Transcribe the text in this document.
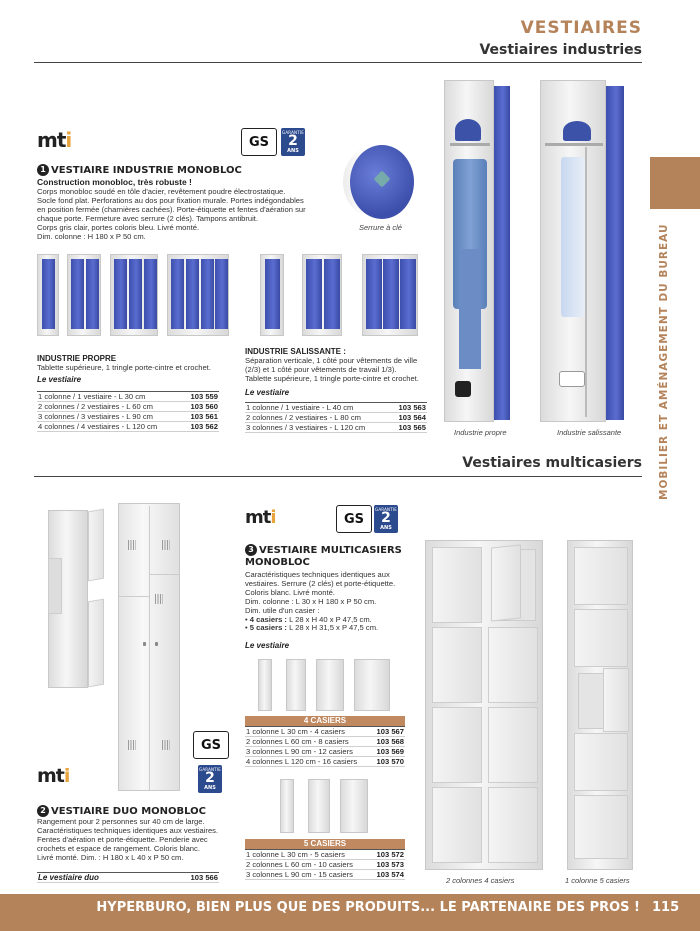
VESTIAIRES
Vestiaires industries
MOBILIER ET AMÉNAGEMENT DU BUREAU
mti	GS
GARANTIE
2
ANS
Serrure à clé
1 VESTIAIRE INDUSTRIE MONOBLOC
Construction monobloc, très robuste !
Corps monobloc soudé en tôle d'acier, revêtement poudre électrostatique.
Socle fond plat. Perforations au dos pour fixation murale. Portes indégondables
en position fermée (charnières cachées). Porte-étiquette et fentes d'aération sur
chaque porte. Fermeture avec serrure (2 clés). Tampons antibruit.
Corps gris clair, portes coloris bleu. Livré monté.
Dim. colonne : H 180 x P 50 cm.
INDUSTRIE PROPRE
Tablette supérieure, 1 tringle porte-cintre et crochet.
Le vestiaire
1 colonne / 1 vestiaire - L 30 cm	103 559
2 colonnes / 2 vestiaires - L 60 cm	103 560
3 colonnes / 3 vestiaires - L 90 cm	103 561
4 colonnes / 4 vestiaires - L 120 cm	103 562
INDUSTRIE SALISSANTE :
Séparation verticale, 1 côté pour vêtements de ville
(2/3) et 1 côté pour vêtements de travail 1/3).
Tablette supérieure, 1 tringle porte-cintre et crochet.
Le vestiaire
1 colonne / 1 vestiaire - L 40 cm	103 563
2 colonnes / 2 vestiaires - L 80 cm	103 564
3 colonnes / 3 vestiaires - L 120 cm	103 565
Industrie propre	Industrie salissante
Vestiaires multicasiers
mti
GS
GARANTIE
2
ANS
2 VESTIAIRE DUO MONOBLOC
Rangement pour 2 personnes sur 40 cm de large.
Caractéristiques techniques identiques aux vestiaires.
Fentes d'aération et porte-étiquette. Penderie avec
crochets et espace de rangement. Coloris blanc.
Livré monté. Dim. : H 180 x L 40 x P 50 cm.
Le vestiaire duo	103 566
mti	GS
GARANTIE
2
ANS
3 VESTIAIRE MULTICASIERS
MONOBLOC
Caractéristiques techniques identiques aux
vestiaires. Serrure (2 clés) et porte-étiquette.
Coloris blanc. Livré monté.
Dim. colonne : L 30 x H 180 x P 50 cm.
Dim. utile d'un casier :
• 4 casiers : L 28 x H 40 x P 47,5 cm.
• 5 casiers : L 28 x H 31,5 x P 47,5 cm.
Le vestiaire
4 CASIERS
1 colonne L 30 cm - 4 casiers	103 567
2 colonnes L 60 cm - 8 casiers	103 568
3 colonnes L 90 cm - 12 casiers	103 569
4 colonnes L 120 cm - 16 casiers	103 570
5 CASIERS
1 colonne L 30 cm - 5 casiers	103 572
2 colonnes L 60 cm - 10 casiers	103 573
3 colonnes L 90 cm - 15 casiers	103 574
2 colonnes 4 casiers	1 colonne 5 casiers
HYPERBURO, BIEN PLUS QUE DES PRODUITS... LE PARTENAIRE DES PROS ! 115
